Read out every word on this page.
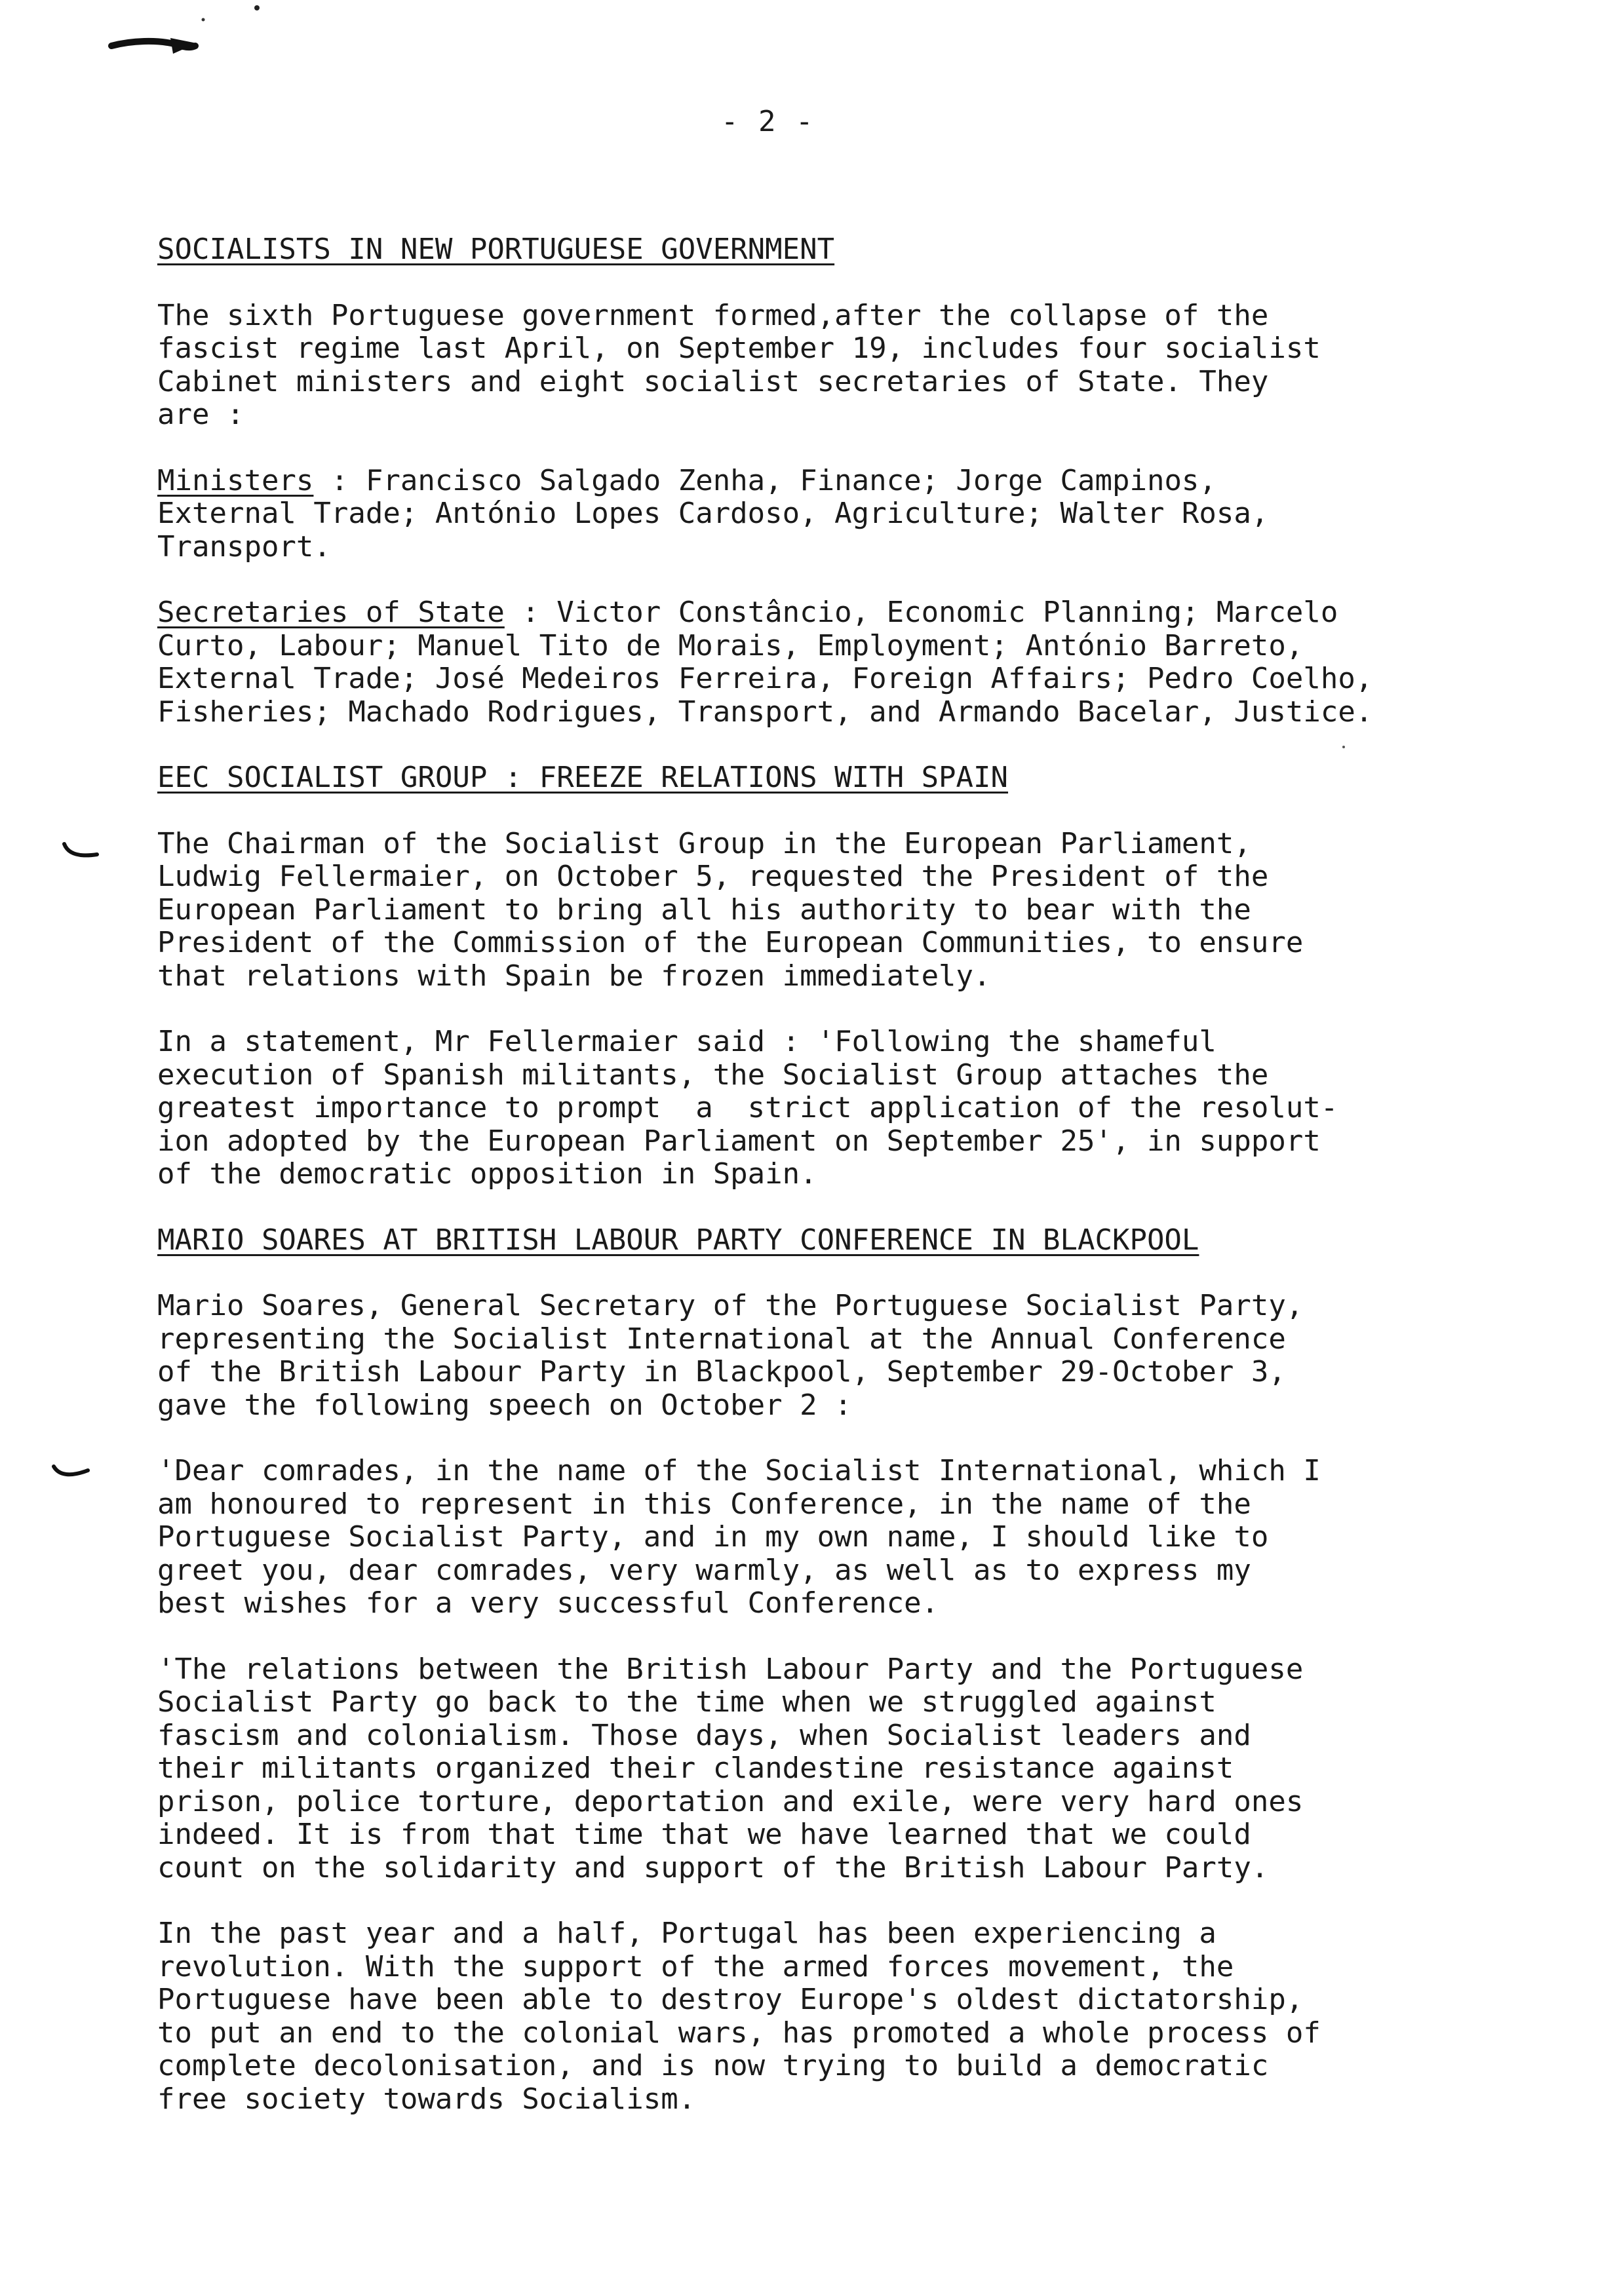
- 2 -
SOCIALISTS IN NEW PORTUGUESE GOVERNMENT
The sixth Portuguese government formed,after the collapse of the
fascist regime last April, on September 19, includes four socialist
Cabinet ministers and eight socialist secretaries of State. They
are :
Ministers : Francisco Salgado Zenha, Finance; Jorge Campinos,
External Trade; António Lopes Cardoso, Agriculture; Walter Rosa,
Transport.
Secretaries of State : Victor Constâncio, Economic Planning; Marcelo
Curto, Labour; Manuel Tito de Morais, Employment; António Barreto,
External Trade; José Medeiros Ferreira, Foreign Affairs; Pedro Coelho,
Fisheries; Machado Rodrigues, Transport, and Armando Bacelar, Justice.
EEC SOCIALIST GROUP : FREEZE RELATIONS WITH SPAIN
The Chairman of the Socialist Group in the European Parliament,
Ludwig Fellermaier, on October 5, requested the President of the
European Parliament to bring all his authority to bear with the
President of the Commission of the European Communities, to ensure
that relations with Spain be frozen immediately.
In a statement, Mr Fellermaier said : 'Following the shameful
execution of Spanish militants, the Socialist Group attaches the
greatest importance to prompt  a  strict application of the resolut-
ion adopted by the European Parliament on September 25', in support
of the democratic opposition in Spain.
MARIO SOARES AT BRITISH LABOUR PARTY CONFERENCE IN BLACKPOOL
Mario Soares, General Secretary of the Portuguese Socialist Party,
representing the Socialist International at the Annual Conference
of the British Labour Party in Blackpool, September 29-October 3,
gave the following speech on October 2 :
'Dear comrades, in the name of the Socialist International, which I
am honoured to represent in this Conference, in the name of the
Portuguese Socialist Party, and in my own name, I should like to
greet you, dear comrades, very warmly, as well as to express my
best wishes for a very successful Conference.
'The relations between the British Labour Party and the Portuguese
Socialist Party go back to the time when we struggled against
fascism and colonialism. Those days, when Socialist leaders and
their militants organized their clandestine resistance against
prison, police torture, deportation and exile, were very hard ones
indeed. It is from that time that we have learned that we could
count on the solidarity and support of the British Labour Party.
In the past year and a half, Portugal has been experiencing a
revolution. With the support of the armed forces movement, the
Portuguese have been able to destroy Europe's oldest dictatorship,
to put an end to the colonial wars, has promoted a whole process of
complete decolonisation, and is now trying to build a democratic
free society towards Socialism.
